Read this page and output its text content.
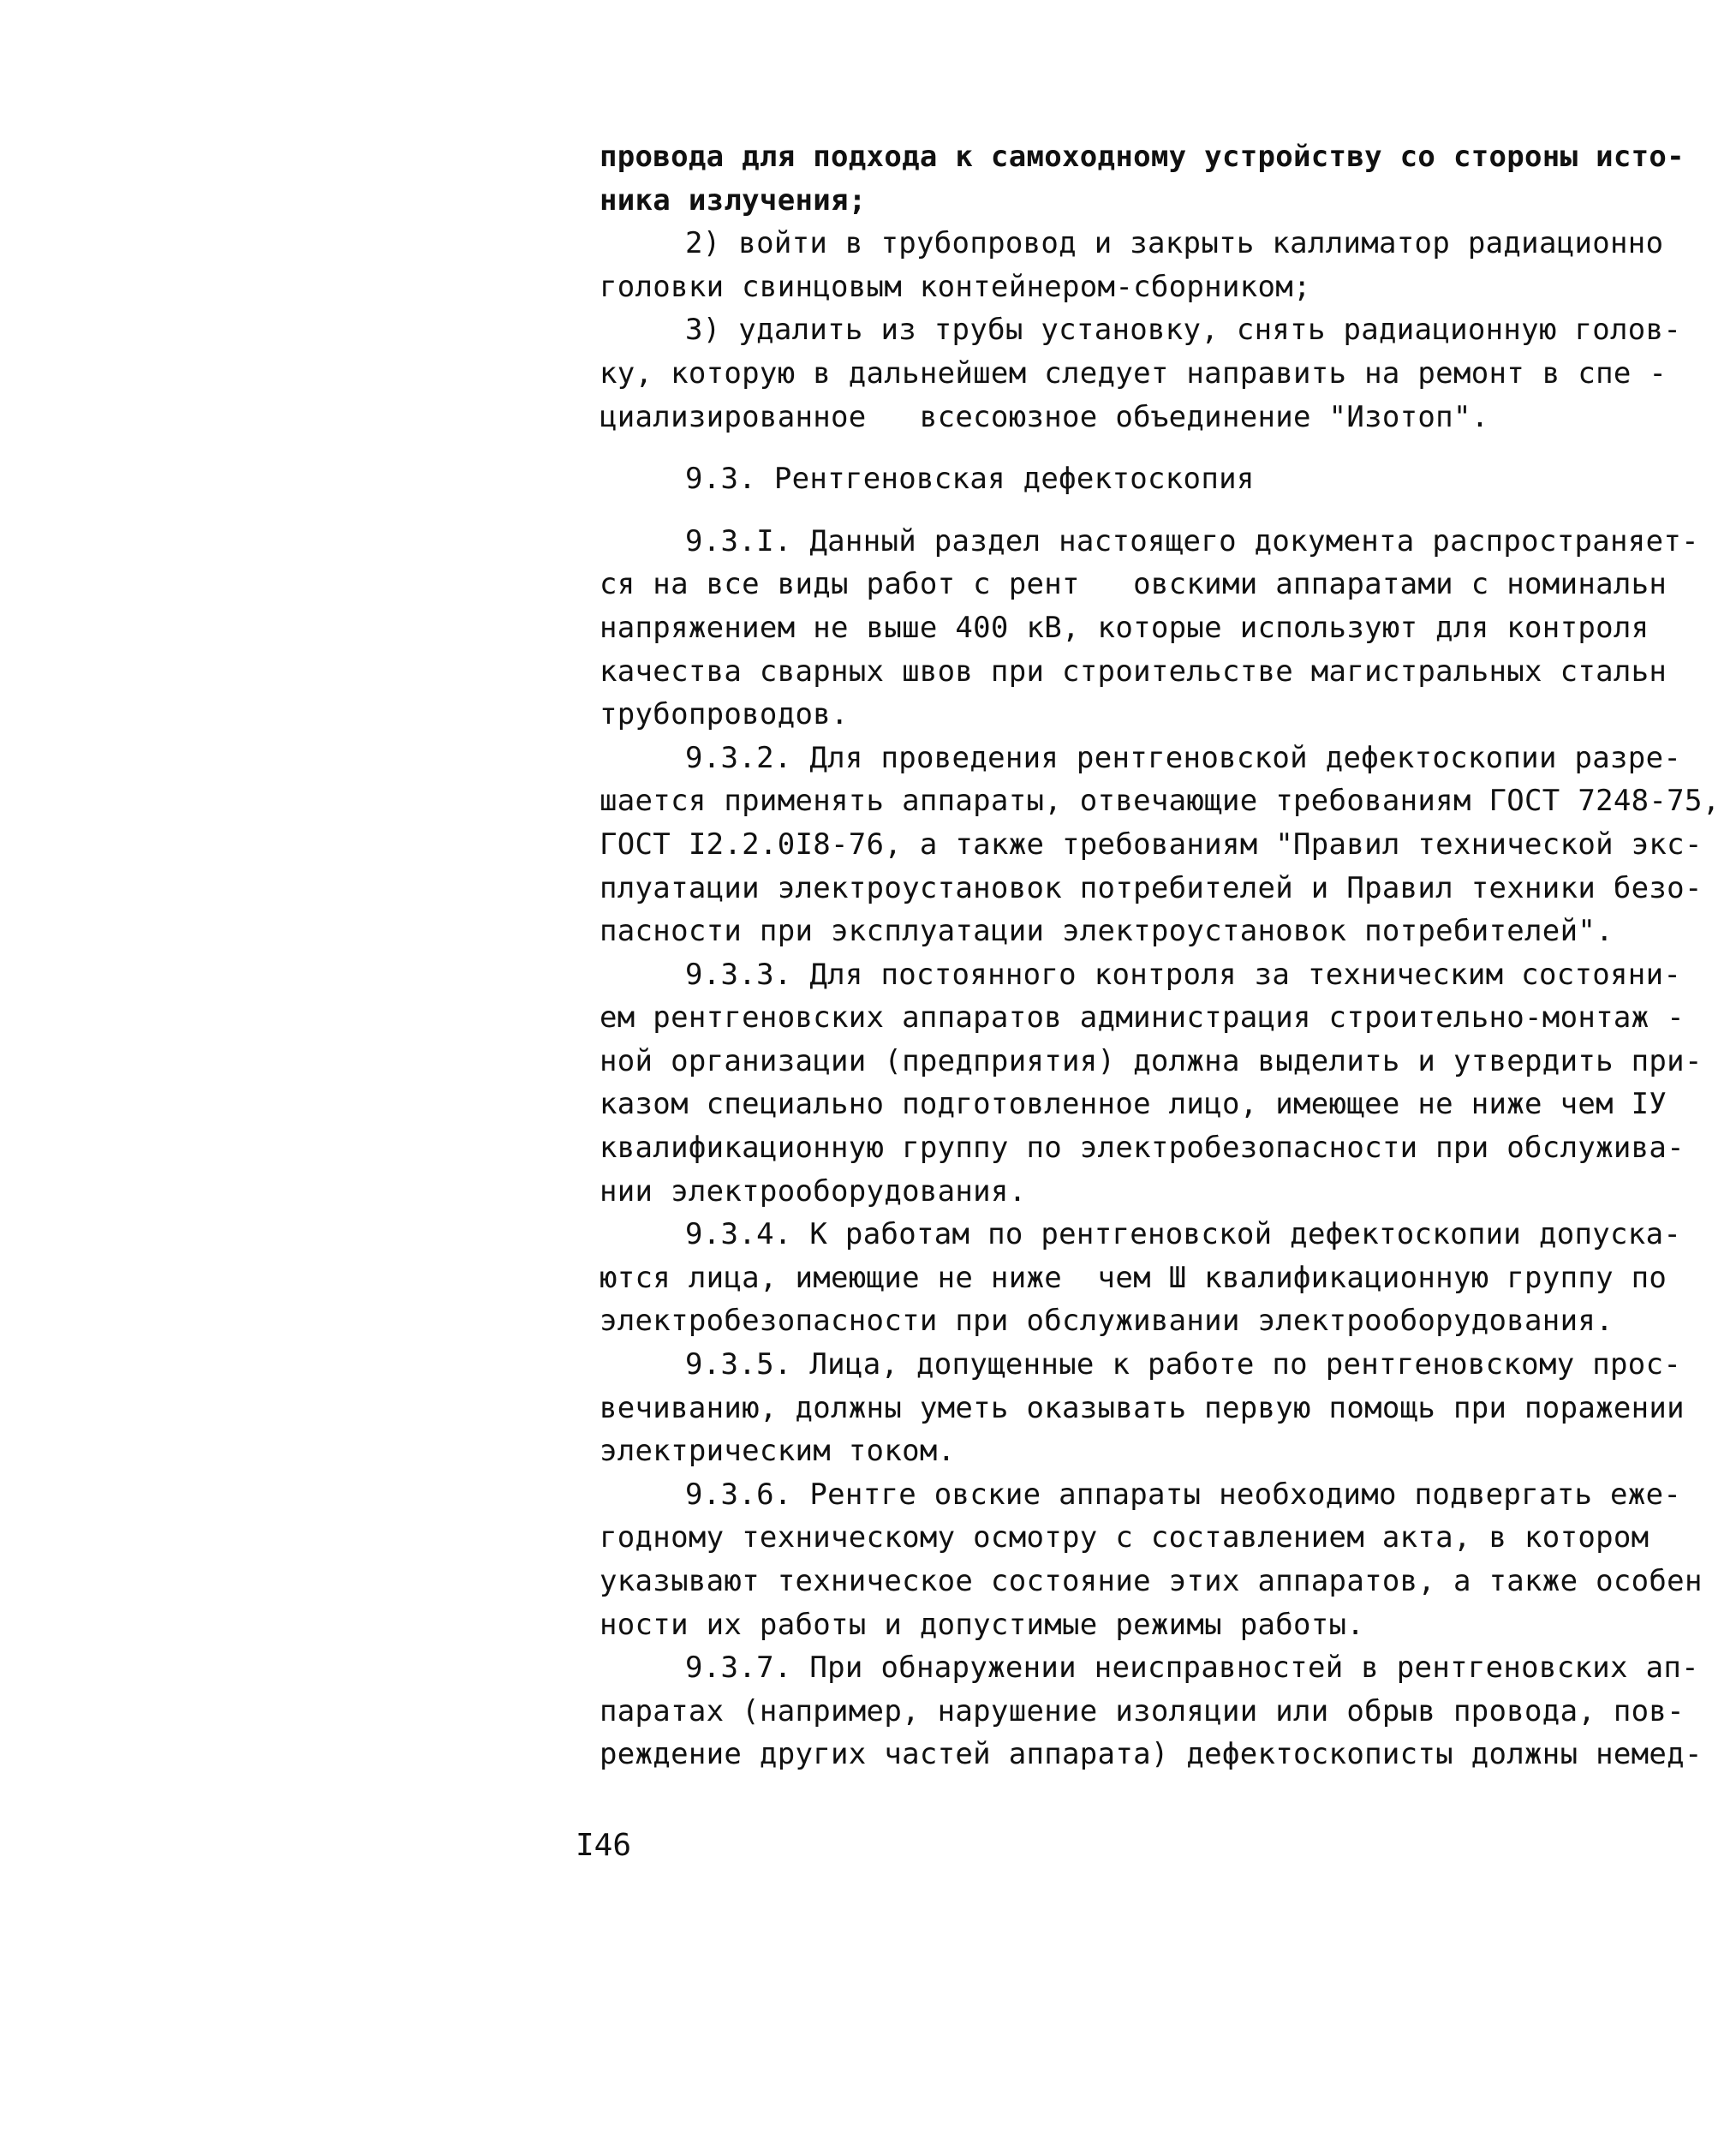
провода для подхода к самоходному устройству со стороны исто-
ника излучения;
2) войти в трубопровод и закрыть каллиматор радиационно
головки свинцовым контейнером-сборником;
3) удалить из трубы установку, снять радиационную голов-
ку, которую в дальнейшем следует направить на ремонт в спе -
циализированное   всесоюзное объединение "Изотоп".
9.3. Рентгеновская дефектоскопия
9.3.I. Данный раздел настоящего документа распространяет-
ся на все виды работ с рент   овскими аппаратами с номинальн
напряжением не выше 400 кВ, которые используют для контроля
качества сварных швов при строительстве магистральных стальн
трубопроводов.
9.3.2. Для проведения рентгеновской дефектоскопии разре-
шается применять аппараты, отвечающие требованиям ГОСТ 7248-75,
ГОСТ I2.2.0I8-76, а также требованиям "Правил технической экс-
плуатации электроустановок потребителей и Правил техники безо-
пасности при эксплуатации электроустановок потребителей".
9.3.3. Для постоянного контроля за техническим состояни-
ем рентгеновских аппаратов администрация строительно-монтаж -
ной организации (предприятия) должна выделить и утвердить при-
казом специально подготовленное лицо, имеющее не ниже чем IУ
квалификационную группу по электробезопасности при обслужива-
нии электрооборудования.
9.3.4. К работам по рентгеновской дефектоскопии допуска-
ются лица, имеющие не ниже  чем Ш квалификационную группу по
электробезопасности при обслуживании электрооборудования.
9.3.5. Лица, допущенные к работе по рентгеновскому прос-
вечиванию, должны уметь оказывать первую помощь при поражении
электрическим током.
9.3.6. Рентге овские аппараты необходимо подвергать еже-
годному техническому осмотру с составлением акта, в котором
указывают техническое состояние этих аппаратов, а также особен
ности их работы и допустимые режимы работы.
9.3.7. При обнаружении неисправностей в рентгеновских ап-
паратах (например, нарушение изоляции или обрыв провода, пов-
реждение других частей аппарата) дефектоскописты должны немед-
I46
